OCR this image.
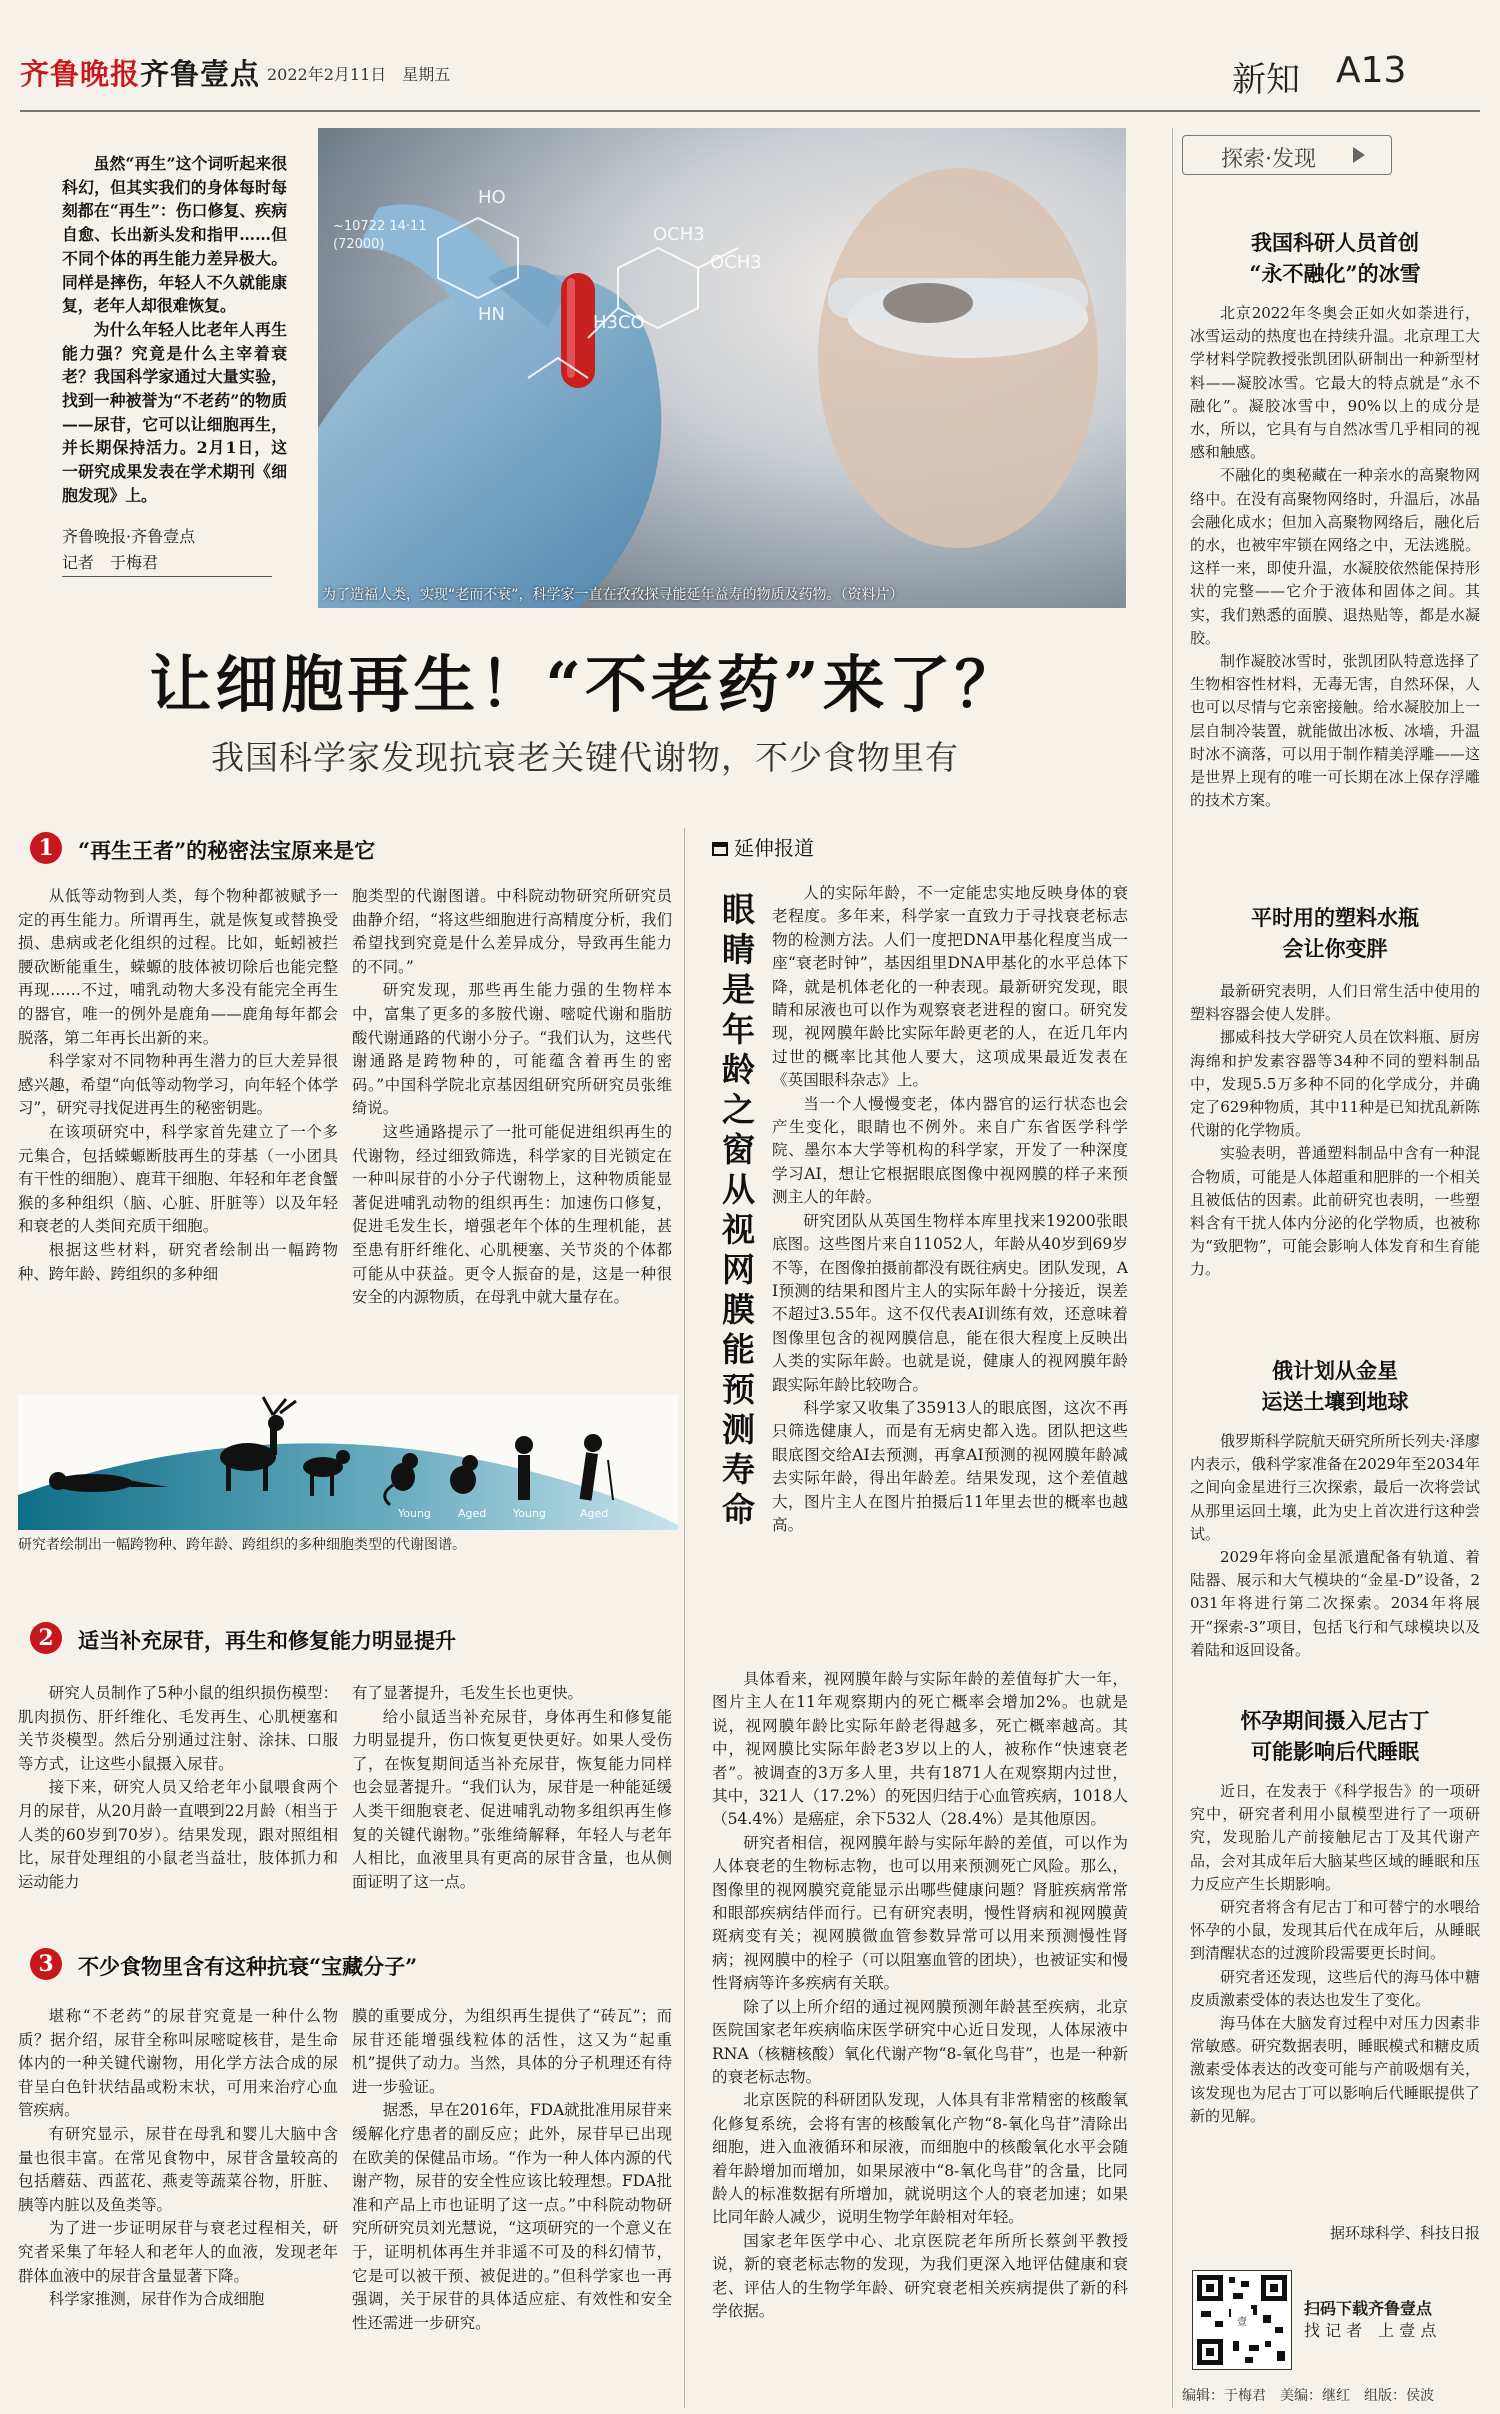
齐鲁晚报齐鲁壹点 2022年2月11日　 星期五	新知 A13

虽然“再生”这个词听起来很科幻，但其实我们的身体每时每刻都在“再生”：伤口修复、疾病自愈、长出新头发和指甲……但不同个体的再生能力差异极大。同样是摔伤，年轻人不久就能康复，老年人却很难恢复。

为什么年轻人比老年人再生能力强？究竟是什么主宰着衰老？我国科学家通过大量实验，找到一种被誉为“不老药”的物质——尿苷，它可以让细胞再生，并长期保持活力。2月1日，这一研究成果发表在学术期刊《细胞发现》上。

齐鲁晚报·齐鲁壹点
记者　于梅君
HO
OCH3
OCH3
HN	H3CO
~10722 14·11
(72000)
为了造福人类，实现“老而不衰”，科学家一直在孜孜探寻能延年益寿的物质及药物。（资料片）
让细胞再生！“不老药”来了？
我国科学家发现抗衰老关键代谢物，不少食物里有
1	“再生王者”的秘密法宝原来是它

从低等动物到人类，每个物种都被赋予一定的再生能力。所谓再生，就是恢复或替换受损、患病或老化组织的过程。比如，蚯蚓被拦腰砍断能重生，蝾螈的肢体被切除后也能完整再现……不过，哺乳动物大多没有能完全再生的器官，唯一的例外是鹿角——鹿角每年都会脱落，第二年再长出新的来。

科学家对不同物种再生潜力的巨大差异很感兴趣，希望“向低等动物学习，向年轻个体学习”，研究寻找促进再生的秘密钥匙。

在该项研究中，科学家首先建立了一个多元集合，包括蝾螈断肢再生的芽基（一小团具有干性的细胞）、鹿茸干细胞、年轻和年老食蟹猴的多种组织（脑、心脏、肝脏等）以及年轻和衰老的人类间充质干细胞。

根据这些材料，研究者绘制出一幅跨物种、跨年龄、跨组织的多种细

胞类型的代谢图谱。中科院动物研究所研究员曲静介绍，“将这些细胞进行高精度分析，我们希望找到究竟是什么差异成分，导致再生能力的不同。”

研究发现，那些再生能力强的生物样本中，富集了更多的多胺代谢、嘧啶代谢和脂肪酸代谢通路的代谢小分子。“我们认为，这些代谢通路是跨物种的，可能蕴含着再生的密码。”中国科学院北京基因组研究所研究员张维绮说。

这些通路提示了一批可能促进组织再生的代谢物，经过细致筛选，科学家的目光锁定在一种叫尿苷的小分子代谢物上，这种物质能显著促进哺乳动物的组织再生：加速伤口修复，促进毛发生长，增强老年个体的生理机能，甚至患有肝纤维化、心肌梗塞、关节炎的个体都可能从中获益。更令人振奋的是，这是一种很安全的内源物质，在母乳中就大量存在。

Young Aged Young	Aged
研究者绘制出一幅跨物种、跨年龄、跨组织的多种细胞类型的代谢图谱。
2	适当补充尿苷，再生和修复能力明显提升

研究人员制作了5种小鼠的组织损伤模型：肌肉损伤、肝纤维化、毛发再生、心肌梗塞和关节炎模型。然后分别通过注射、涂抹、口服等方式，让这些小鼠摄入尿苷。

接下来，研究人员又给老年小鼠喂食两个月的尿苷，从20月龄一直喂到22月龄（相当于人类的60岁到70岁）。结果发现，跟对照组相比，尿苷处理组的小鼠老当益壮，肢体抓力和运动能力

有了显著提升，毛发生长也更快。

给小鼠适当补充尿苷，身体再生和修复能力明显提升，伤口恢复更快更好。如果人受伤了，在恢复期间适当补充尿苷，恢复能力同样也会显著提升。“我们认为，尿苷是一种能延缓人类干细胞衰老、促进哺乳动物多组织再生修复的关键代谢物。”张维绮解释，年轻人与老年人相比，血液里具有更高的尿苷含量，也从侧面证明了这一点。

3	不少食物里含有这种抗衰“宝藏分子”

堪称“不老药”的尿苷究竟是一种什么物质？据介绍，尿苷全称叫尿嘧啶核苷，是生命体内的一种关键代谢物，用化学方法合成的尿苷呈白色针状结晶或粉末状，可用来治疗心血管疾病。

有研究显示，尿苷在母乳和婴儿大脑中含量也很丰富。在常见食物中，尿苷含量较高的包括蘑菇、西蓝花、燕麦等蔬菜谷物，肝脏、胰等内脏以及鱼类等。

为了进一步证明尿苷与衰老过程相关，研究者采集了年轻人和老年人的血液，发现老年群体血液中的尿苷含量显著下降。

科学家推测，尿苷作为合成细胞

膜的重要成分，为组织再生提供了“砖瓦”；而尿苷还能增强线粒体的活性，这又为“起重机”提供了动力。当然，具体的分子机理还有待进一步验证。

据悉，早在2016年，FDA就批准用尿苷来缓解化疗患者的副反应；此外，尿苷早已出现在欧美的保健品市场。“作为一种人体内源的代谢产物，尿苷的安全性应该比较理想。FDA批准和产品上市也证明了这一点。”中科院动物研究所研究员刘光慧说，“这项研究的一个意义在于，证明机体再生并非遥不可及的科幻情节，它是可以被干预、被促进的。”但科学家也一再强调，关于尿苷的具体适应症、有效性和安全性还需进一步研究。

延伸报道
眼睛是年龄之窗　从视网膜能预测寿命

人的实际年龄，不一定能忠实地反映身体的衰老程度。多年来，科学家一直致力于寻找衰老标志物的检测方法。人们一度把DNA甲基化程度当成一座“衰老时钟”，基因组里DNA甲基化的水平总体下降，就是机体老化的一种表现。最新研究发现，眼睛和尿液也可以作为观察衰老进程的窗口。研究发现，视网膜年龄比实际年龄更老的人，在近几年内过世的概率比其他人要大，这项成果最近发表在《英国眼科杂志》上。

当一个人慢慢变老，体内器官的运行状态也会产生变化，眼睛也不例外。来自广东省医学科学院、墨尔本大学等机构的科学家，开发了一种深度学习AI，想让它根据眼底图像中视网膜的样子来预测主人的年龄。

研究团队从英国生物样本库里找来19200张眼底图。这些图片来自11052人，年龄从40岁到69岁不等，在图像拍摄前都没有既往病史。团队发现，AI预测的结果和图片主人的实际年龄十分接近，误差不超过3.55年。这不仅代表AI训练有效，还意味着图像里包含的视网膜信息，能在很大程度上反映出人类的实际年龄。也就是说，健康人的视网膜年龄跟实际年龄比较吻合。

科学家又收集了35913人的眼底图，这次不再只筛选健康人，而是有无病史都入选。团队把这些眼底图交给AI去预测，再拿AI预测的视网膜年龄减去实际年龄，得出年龄差。结果发现，这个差值越大，图片主人在图片拍摄后11年里去世的概率也越高。

具体看来，视网膜年龄与实际年龄的差值每扩大一年，图片主人在11年观察期内的死亡概率会增加2%。也就是说，视网膜年龄比实际年龄老得越多，死亡概率越高。其中，视网膜比实际年龄老3岁以上的人，被称作“快速衰老者”。被调查的3万多人里，共有1871人在观察期内过世，其中，321人（17.2%）的死因归结于心血管疾病，1018人（54.4%）是癌症，余下532人（28.4%）是其他原因。

研究者相信，视网膜年龄与实际年龄的差值，可以作为人体衰老的生物标志物，也可以用来预测死亡风险。那么，图像里的视网膜究竟能显示出哪些健康问题？肾脏疾病常常和眼部疾病结伴而行。已有研究表明，慢性肾病和视网膜黄斑病变有关；视网膜微血管参数异常可以用来预测慢性肾病；视网膜中的栓子（可以阻塞血管的团块），也被证实和慢性肾病等许多疾病有关联。

除了以上所介绍的通过视网膜预测年龄甚至疾病，北京医院国家老年疾病临床医学研究中心近日发现，人体尿液中RNA（核糖核酸）氧化代谢产物“8-氧化鸟苷”，也是一种新的衰老标志物。

北京医院的科研团队发现，人体具有非常精密的核酸氧化修复系统，会将有害的核酸氧化产物“8-氧化鸟苷”清除出细胞，进入血液循环和尿液，而细胞中的核酸氧化水平会随着年龄增加而增加，如果尿液中“8-氧化鸟苷”的含量，比同龄人的标准数据有所增加，就说明这个人的衰老加速；如果比同年龄人减少，说明生物学年龄相对年轻。

国家老年医学中心、北京医院老年所所长蔡剑平教授说，新的衰老标志物的发现，为我们更深入地评估健康和衰老、评估人的生物学年龄、研究衰老相关疾病提供了新的科学依据。

探索·发现
我国科研人员首创
“永不融化”的冰雪

北京2022年冬奥会正如火如荼进行，冰雪运动的热度也在持续升温。北京理工大学材料学院教授张凯团队研制出一种新型材料——凝胶冰雪。它最大的特点就是“永不融化”。凝胶冰雪中，90%以上的成分是水，所以，它具有与自然冰雪几乎相同的视感和触感。

不融化的奥秘藏在一种亲水的高聚物网络中。在没有高聚物网络时，升温后，冰晶会融化成水；但加入高聚物网络后，融化后的水，也被牢牢锁在网络之中，无法逃脱。这样一来，即使升温，水凝胶依然能保持形状的完整——它介于液体和固体之间。其实，我们熟悉的面膜、退热贴等，都是水凝胶。

制作凝胶冰雪时，张凯团队特意选择了生物相容性材料，无毒无害，自然环保，人也可以尽情与它亲密接触。给水凝胶加上一层自制冷装置，就能做出冰板、冰墙，升温时冰不滴落，可以用于制作精美浮雕——这是世界上现有的唯一可长期在冰上保存浮雕的技术方案。

平时用的塑料水瓶
会让你变胖

最新研究表明，人们日常生活中使用的塑料容器会使人发胖。

挪威科技大学研究人员在饮料瓶、厨房海绵和护发素容器等34种不同的塑料制品中，发现5.5万多种不同的化学成分，并确定了629种物质，其中11种是已知扰乱新陈代谢的化学物质。

实验表明，普通塑料制品中含有一种混合物质，可能是人体超重和肥胖的一个相关且被低估的因素。此前研究也表明，一些塑料含有干扰人体内分泌的化学物质，也被称为“致肥物”，可能会影响人体发育和生育能力。

俄计划从金星
运送土壤到地球

俄罗斯科学院航天研究所所长列夫·泽廖内表示，俄科学家准备在2029年至2034年之间向金星进行三次探索，最后一次将尝试从那里运回土壤，此为史上首次进行这种尝试。

2029年将向金星派遣配备有轨道、着陆器、展示和大气模块的“金星-D”设备，2031年将进行第二次探索。2034年将展开“探索-3”项目，包括飞行和气球模块以及着陆和返回设备。

怀孕期间摄入尼古丁
可能影响后代睡眠

近日，在发表于《科学报告》的一项研究中，研究者利用小鼠模型进行了一项研究，发现胎儿产前接触尼古丁及其代谢产品，会对其成年后大脑某些区域的睡眠和压力反应产生长期影响。

研究者将含有尼古丁和可替宁的水喂给怀孕的小鼠，发现其后代在成年后，从睡眠到清醒状态的过渡阶段需要更长时间。

研究者还发现，这些后代的海马体中糖皮质激素受体的表达也发生了变化。

海马体在大脑发育过程中对压力因素非常敏感。研究数据表明，睡眠模式和糖皮质激素受体表达的改变可能与产前吸烟有关，该发现也为尼古丁可以影响后代睡眠提供了新的见解。

据环球科学、科技日报
壹
扫码下载齐鲁壹点
找 记 者　上 壹 点
编辑：于梅君　美编：继红　组版：侯波
